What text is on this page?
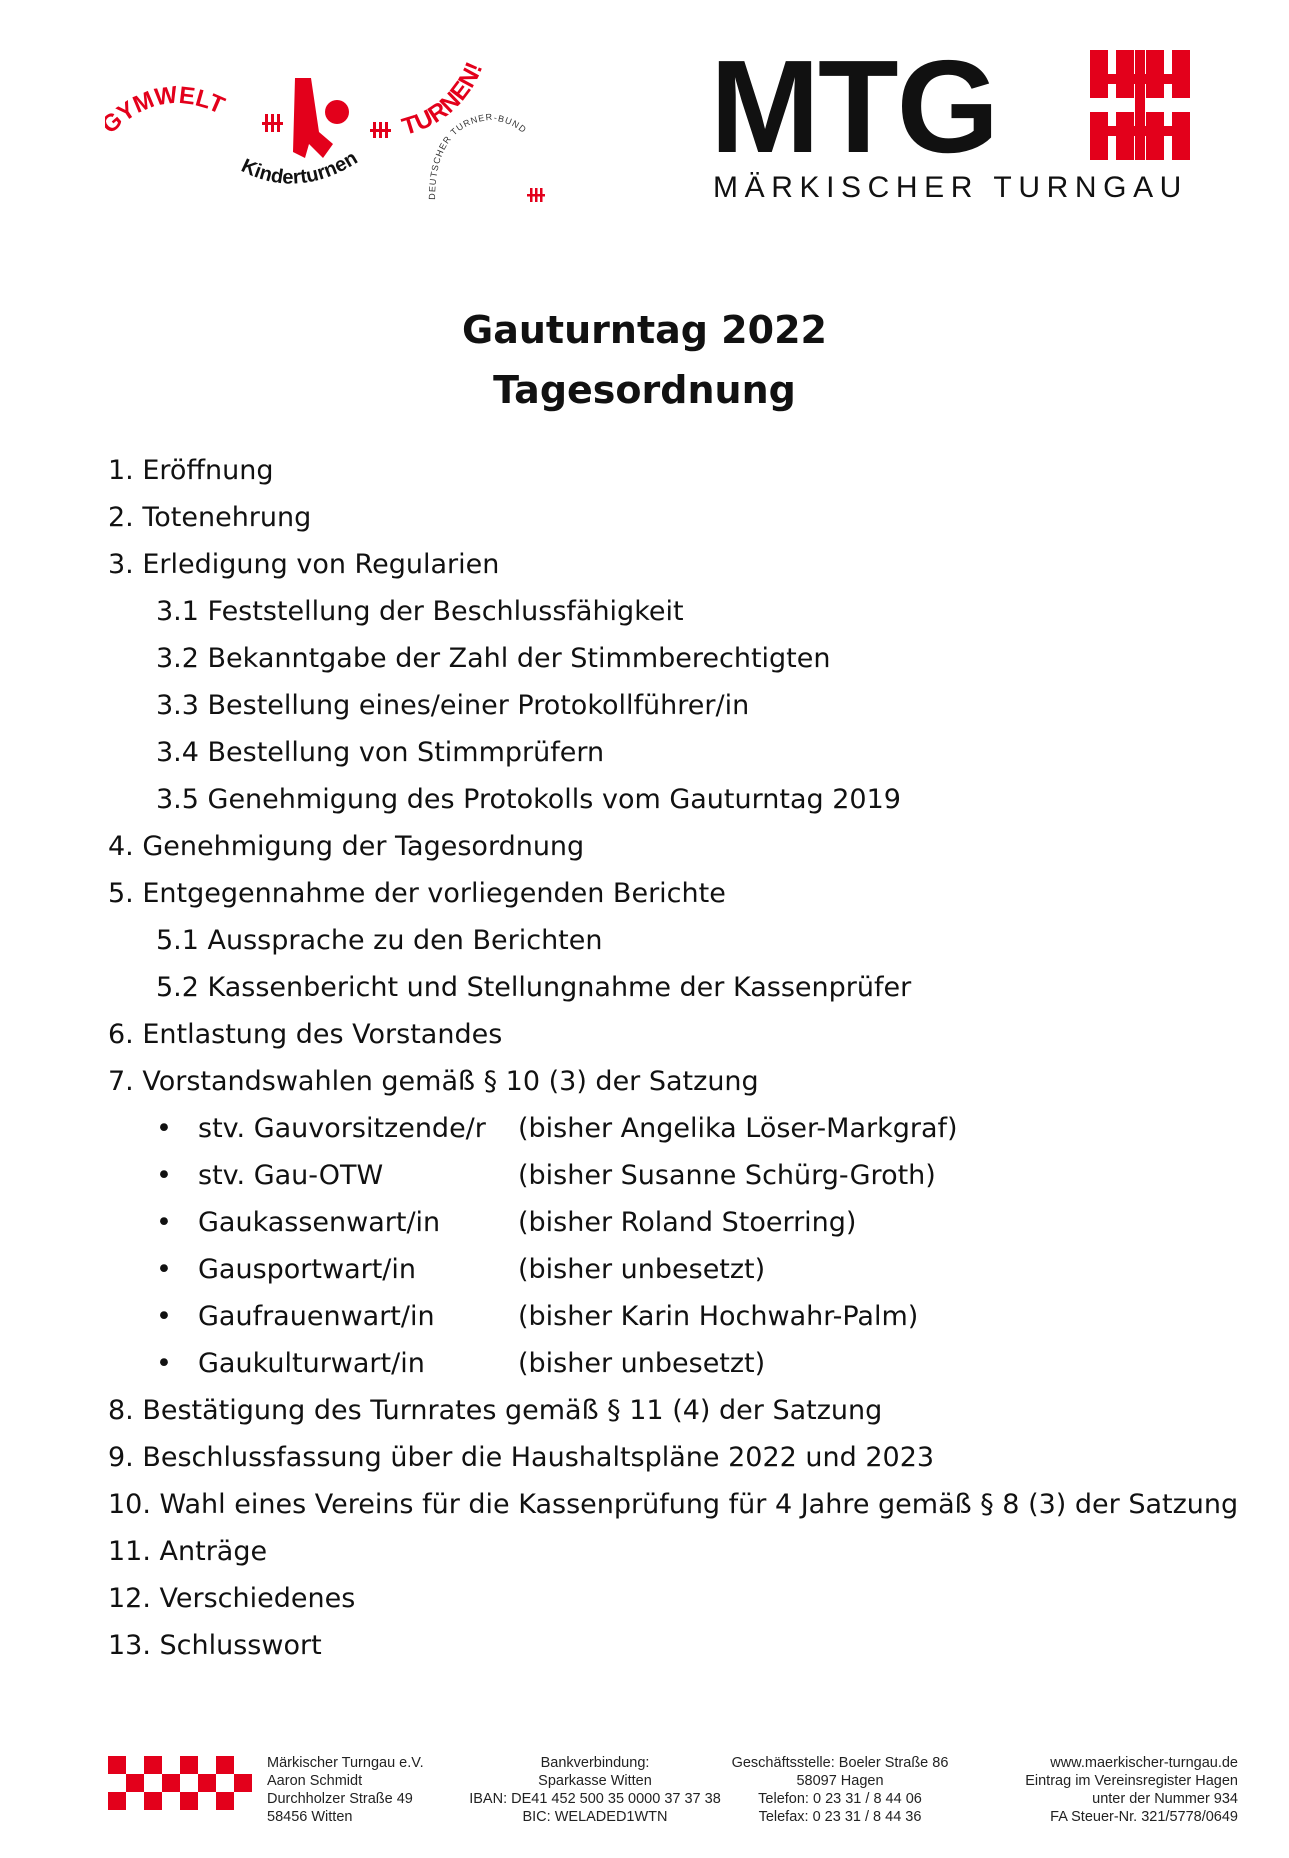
YMWELT
Kinderturnen
TURNEN!
DEUTSCHER TURNER-BUND MTG
MÄRKISCHER TURNGAU
Gauturntag 2022
Tagesordnung
1. Eröffnung
2. Totenehrung
3. Erledigung von Regularien
3.1 Feststellung der Beschlussfähigkeit
3.2 Bekanntgabe der Zahl der Stimmberechtigten
3.3 Bestellung eines/einer Protokollführer/in
3.4 Bestellung von Stimmprüfern
3.5 Genehmigung des Protokolls vom Gauturntag 2019
4. Genehmigung der Tagesordnung
5. Entgegennahme der vorliegenden Berichte
5.1 Aussprache zu den Berichten
5.2 Kassenbericht und Stellungnahme der Kassenprüfer
6. Entlastung des Vorstandes
7. Vorstandswahlen gemäß § 10 (3) der Satzung
• stv. Gauvorsitzende/r (bisher Angelika Löser-Markgraf)
• stv. Gau-OTW	(bisher Susanne Schürg-Groth)
• Gaukassenwart/in	(bisher Roland Stoerring)
• Gausportwart/in	(bisher unbesetzt)
• Gaufrauenwart/in	(bisher Karin Hochwahr-Palm)
• Gaukulturwart/in	(bisher unbesetzt)
8. Bestätigung des Turnrates gemäß § 11 (4) der Satzung
9. Beschlussfassung über die Haushaltspläne 2022 und 2023
10. Wahl eines Vereins für die Kassenprüfung für 4 Jahre gemäß § 8 (3) der Satzung
11. Anträge
12. Verschiedenes
13. Schlusswort
Märkischer Turngau e.V.
Aaron Schmidt
Durchholzer Straße 49
58456 Witten
Bankverbindung:
Sparkasse Witten
IBAN: DE41 452 500 35 0000 37 37 38
BIC: WELADED1WTN
Geschäftsstelle: Boeler Straße 86
58097 Hagen
Telefon: 0 23 31 / 8 44 06
Telefax: 0 23 31 / 8 44 36
www.maerkischer-turngau.de
Eintrag im Vereinsregister Hagen
unter der Nummer 934
FA Steuer-Nr. 321/5778/0649
